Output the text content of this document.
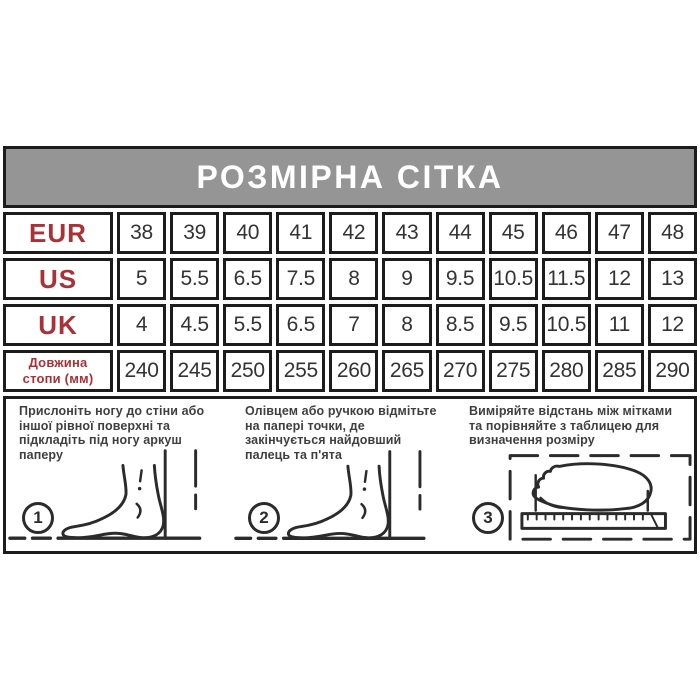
РОЗМІРНА СІТКА
EUR	38	39	40	41	42	43	44	45	46	47	48
US	5	5.5	6.5	7.5	8	9	9.5 10.5 11.5	12	13
UK	4	4.5	5.5	6.5	7	8	8.5	9.5 10.5	11	12
Довжина стопи (мм)	240 245 250 255 260 265 270 275 280 285 290

Прислоніть ногу до стіни або іншої рівної поверхні та підкладіть під ногу аркуш паперу

1

Олівцем або ручкою відмітьте на папері точки, де закінчується найдовший палець та п'ята

2

Виміряйте відстань між мітками та порівняйте з таблицею для визначення розміру

3
